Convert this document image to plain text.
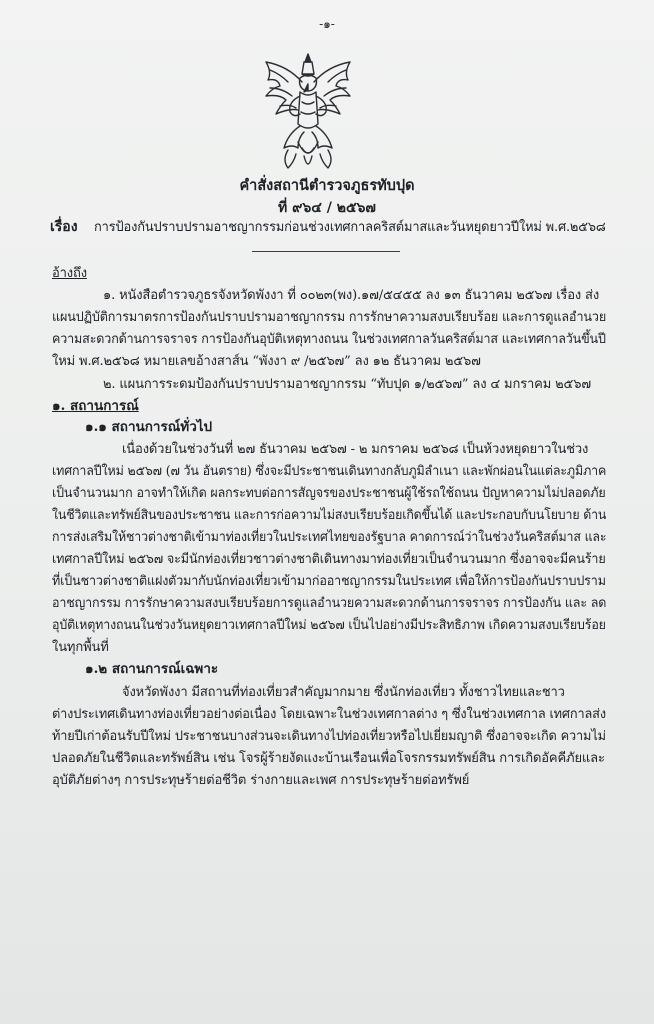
-๑-
คำสั่งสถานีตำรวจภูธรทับปุด
ที่ ๙๖๔ / ๒๕๖๗
เรื่อง การป้องกันปราบปรามอาชญากรรมก่อนช่วงเทศกาลคริสต์มาสและวันหยุดยาวปีใหม่ พ.ศ.๒๕๖๘
อ้างถึง
๑. หนังสือตำรวจภูธรจังหวัดพังงา ที่ ๐๐๒๓(พง).๑๗/๕๔๕๕ ลง ๑๓ ธันวาคม ๒๕๖๗ เรื่อง ส่ง
แผนปฏิบัติการมาตรการป้องกันปราบปรามอาชญากรรม การรักษาความสงบเรียบร้อย และการดูแลอำนวย
ความสะดวกด้านการจราจร การป้องกันอุบัติเหตุทางถนน ในช่วงเทศกาลวันคริสต์มาส และเทศกาลวันขึ้นปี
ใหม่ พ.ศ.๒๕๖๘ หมายเลขอ้างสาส์น “พังงา ๙ /๒๕๖๗” ลง ๑๒ ธันวาคม ๒๕๖๗
๒. แผนการระดมป้องกันปราบปรามอาชญากรรม “ทับปุด ๑/๒๕๖๗” ลง ๔ มกราคม ๒๕๖๗
๑. สถานการณ์
๑.๑ สถานการณ์ทั่วไป
เนื่องด้วยในช่วงวันที่ ๒๗ ธันวาคม ๒๕๖๗ - ๒ มกราคม ๒๕๖๘ เป็นห้วงหยุดยาวในช่วง
เทศกาลปีใหม่ ๒๕๖๗ (๗ วัน อันตราย) ซึ่งจะมีประชาชนเดินทางกลับภูมิลำเนา และพักผ่อนในแต่ละภูมิภาค
เป็นจำนวนมาก อาจทำให้เกิด ผลกระทบต่อการสัญจรของประชาชนผู้ใช้รถใช้ถนน ปัญหาความไม่ปลอดภัย
ในชีวิตและทรัพย์สินของประชาชน และการก่อความไม่สงบเรียบร้อยเกิดขึ้นได้ และประกอบกับนโยบาย ด้าน
การส่งเสริมให้ชาวต่างชาติเข้ามาท่องเที่ยวในประเทศไทยของรัฐบาล คาดการณ์ว่าในช่วงวันคริสต์มาส และ
เทศกาลปีใหม่ ๒๕๖๗ จะมีนักท่องเที่ยวชาวต่างชาติเดินทางมาท่องเที่ยวเป็นจำนวนมาก ซึ่งอาจจะมีคนร้าย
ที่เป็นชาวต่างชาติแฝงตัวมากับนักท่องเที่ยวเข้ามาก่ออาชญากรรมในประเทศ เพื่อให้การป้องกันปราบปราม
อาชญากรรม การรักษาความสงบเรียบร้อยการดูแลอำนวยความสะดวกด้านการจราจร การป้องกัน และ ลด
อุบัติเหตุทางถนนในช่วงวันหยุดยาวเทศกาลปีใหม่ ๒๕๖๗ เป็นไปอย่างมีประสิทธิภาพ เกิดความสงบเรียบร้อย
ในทุกพื้นที่
๑.๒ สถานการณ์เฉพาะ
จังหวัดพังงา มีสถานที่ท่องเที่ยวสำคัญมากมาย ซึ่งนักท่องเที่ยว ทั้งชาวไทยและชาว
ต่างประเทศเดินทางท่องเที่ยวอย่างต่อเนื่อง โดยเฉพาะในช่วงเทศกาลต่าง ๆ ซึ่งในช่วงเทศกาล เทศกาลส่ง
ท้ายปีเก่าต้อนรับปีใหม่ ประชาชนบางส่วนจะเดินทางไปท่องเที่ยวหรือไปเยี่ยมญาติ ซึ่งอาจจะเกิด ความไม่
ปลอดภัยในชีวิตและทรัพย์สิน เช่น โจรผู้ร้ายงัดแงะบ้านเรือนเพื่อโจรกรรมทรัพย์สิน การเกิดอัคคีภัยและ
อุบัติภัยต่างๆ การประทุษร้ายต่อชีวิต ร่างกายและเพศ การประทุษร้ายต่อทรัพย์
